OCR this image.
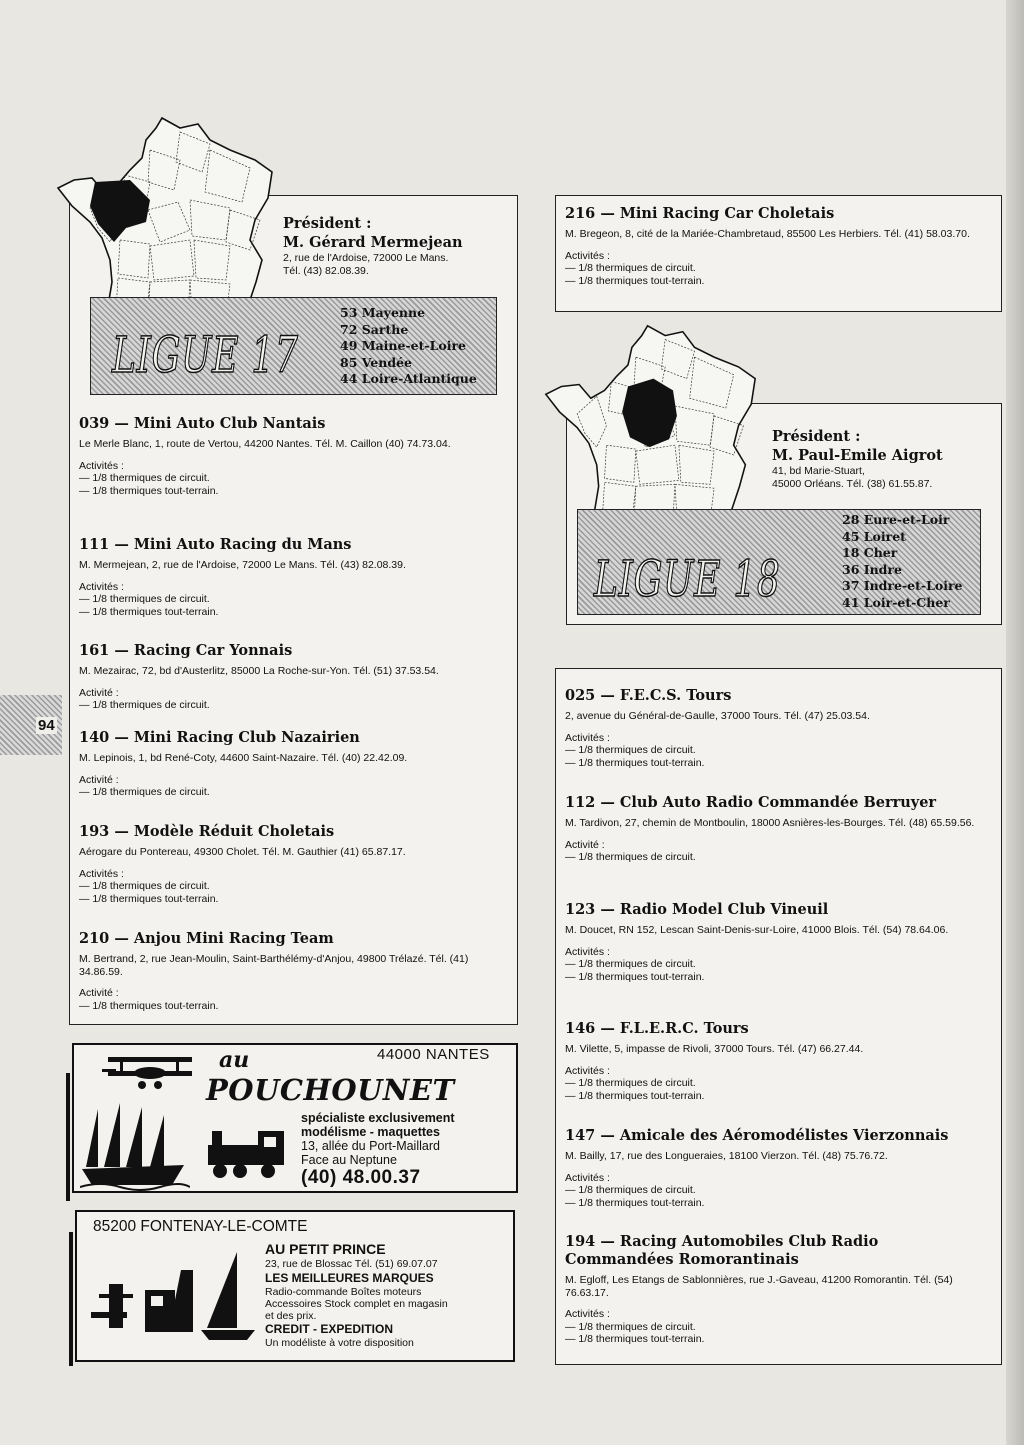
Président :
M. Gérard Mermejean
2, rue de l'Ardoise, 72000 Le Mans.
Tél. (43) 82.08.39.
LIGUE 17
53 Mayenne
72 Sarthe
49 Maine-et-Loire
85 Vendée
44 Loire-Atlantique
039 — Mini Auto Club Nantais
Le Merle Blanc, 1, route de Vertou, 44200 Nantes. Tél. M. Caillon (40) 74.73.04.
Activités :
— 1/8 thermiques de circuit.
— 1/8 thermiques tout-terrain.
111 — Mini Auto Racing du Mans
M. Mermejean, 2, rue de l'Ardoise, 72000 Le Mans. Tél. (43) 82.08.39.
Activités :
— 1/8 thermiques de circuit.
— 1/8 thermiques tout-terrain.
161 — Racing Car Yonnais
M. Mezairac, 72, bd d'Austerlitz, 85000 La Roche-sur-Yon. Tél. (51) 37.53.54.
Activité :
— 1/8 thermiques de circuit.
140 — Mini Racing Club Nazairien
M. Lepinois, 1, bd René-Coty, 44600 Saint-Nazaire. Tél. (40) 22.42.09.
Activité :
— 1/8 thermiques de circuit.
193 — Modèle Réduit Choletais
Aérogare du Pontereau, 49300 Cholet. Tél. M. Gauthier (41) 65.87.17.
Activités :
— 1/8 thermiques de circuit.
— 1/8 thermiques tout-terrain.
210 — Anjou Mini Racing Team
M. Bertrand, 2, rue Jean-Moulin, Saint-Barthélémy-d'Anjou, 49800 Trélazé. Tél. (41) 34.86.59.
Activité :
— 1/8 thermiques tout-terrain.
94
au	44000 NANTES
POUCHOUNET
spécialiste exclusivement
modélisme - maquettes
13, allée du Port-Maillard
Face au Neptune
(40) 48.00.37
85200 FONTENAY-LE-COMTE
AU PETIT PRINCE
23, rue de Blossac Tél. (51) 69.07.07
LES MEILLEURES MARQUES
Radio-commande Boîtes moteurs
Accessoires Stock complet en magasin
et des prix.
CREDIT - EXPEDITION
Un modéliste à votre disposition
216 — Mini Racing Car Choletais
M. Bregeon, 8, cité de la Mariée-Chambretaud, 85500 Les Herbiers. Tél. (41) 58.03.70.
Activités :
— 1/8 thermiques de circuit.
— 1/8 thermiques tout-terrain.
Président :
M. Paul-Emile Aigrot
41, bd Marie-Stuart,
45000 Orléans. Tél. (38) 61.55.87.
LIGUE 18
28 Eure-et-Loir
45 Loiret
18 Cher
36 Indre
37 Indre-et-Loire
41 Loir-et-Cher
025 — F.E.C.S. Tours
2, avenue du Général-de-Gaulle, 37000 Tours. Tél. (47) 25.03.54.
Activités :
— 1/8 thermiques de circuit.
— 1/8 thermiques tout-terrain.
112 — Club Auto Radio Commandée Berruyer
M. Tardivon, 27, chemin de Montboulin, 18000 Asnières-les-Bourges. Tél. (48) 65.59.56.
Activité :
— 1/8 thermiques de circuit.
123 — Radio Model Club Vineuil
M. Doucet, RN 152, Lescan Saint-Denis-sur-Loire, 41000 Blois. Tél. (54) 78.64.06.
Activités :
— 1/8 thermiques de circuit.
— 1/8 thermiques tout-terrain.
146 — F.L.E.R.C. Tours
M. Vilette, 5, impasse de Rivoli, 37000 Tours. Tél. (47) 66.27.44.
Activités :
— 1/8 thermiques de circuit.
— 1/8 thermiques tout-terrain.
147 — Amicale des Aéromodélistes Vierzonnais
M. Bailly, 17, rue des Longueraies, 18100 Vierzon. Tél. (48) 75.76.72.
Activités :
— 1/8 thermiques de circuit.
— 1/8 thermiques tout-terrain.
194 — Racing Automobiles Club Radio Commandées Romorantinais
M. Egloff, Les Etangs de Sablonnières, rue J.-Gaveau, 41200 Romorantin. Tél. (54) 76.63.17.
Activités :
— 1/8 thermiques de circuit.
— 1/8 thermiques tout-terrain.
